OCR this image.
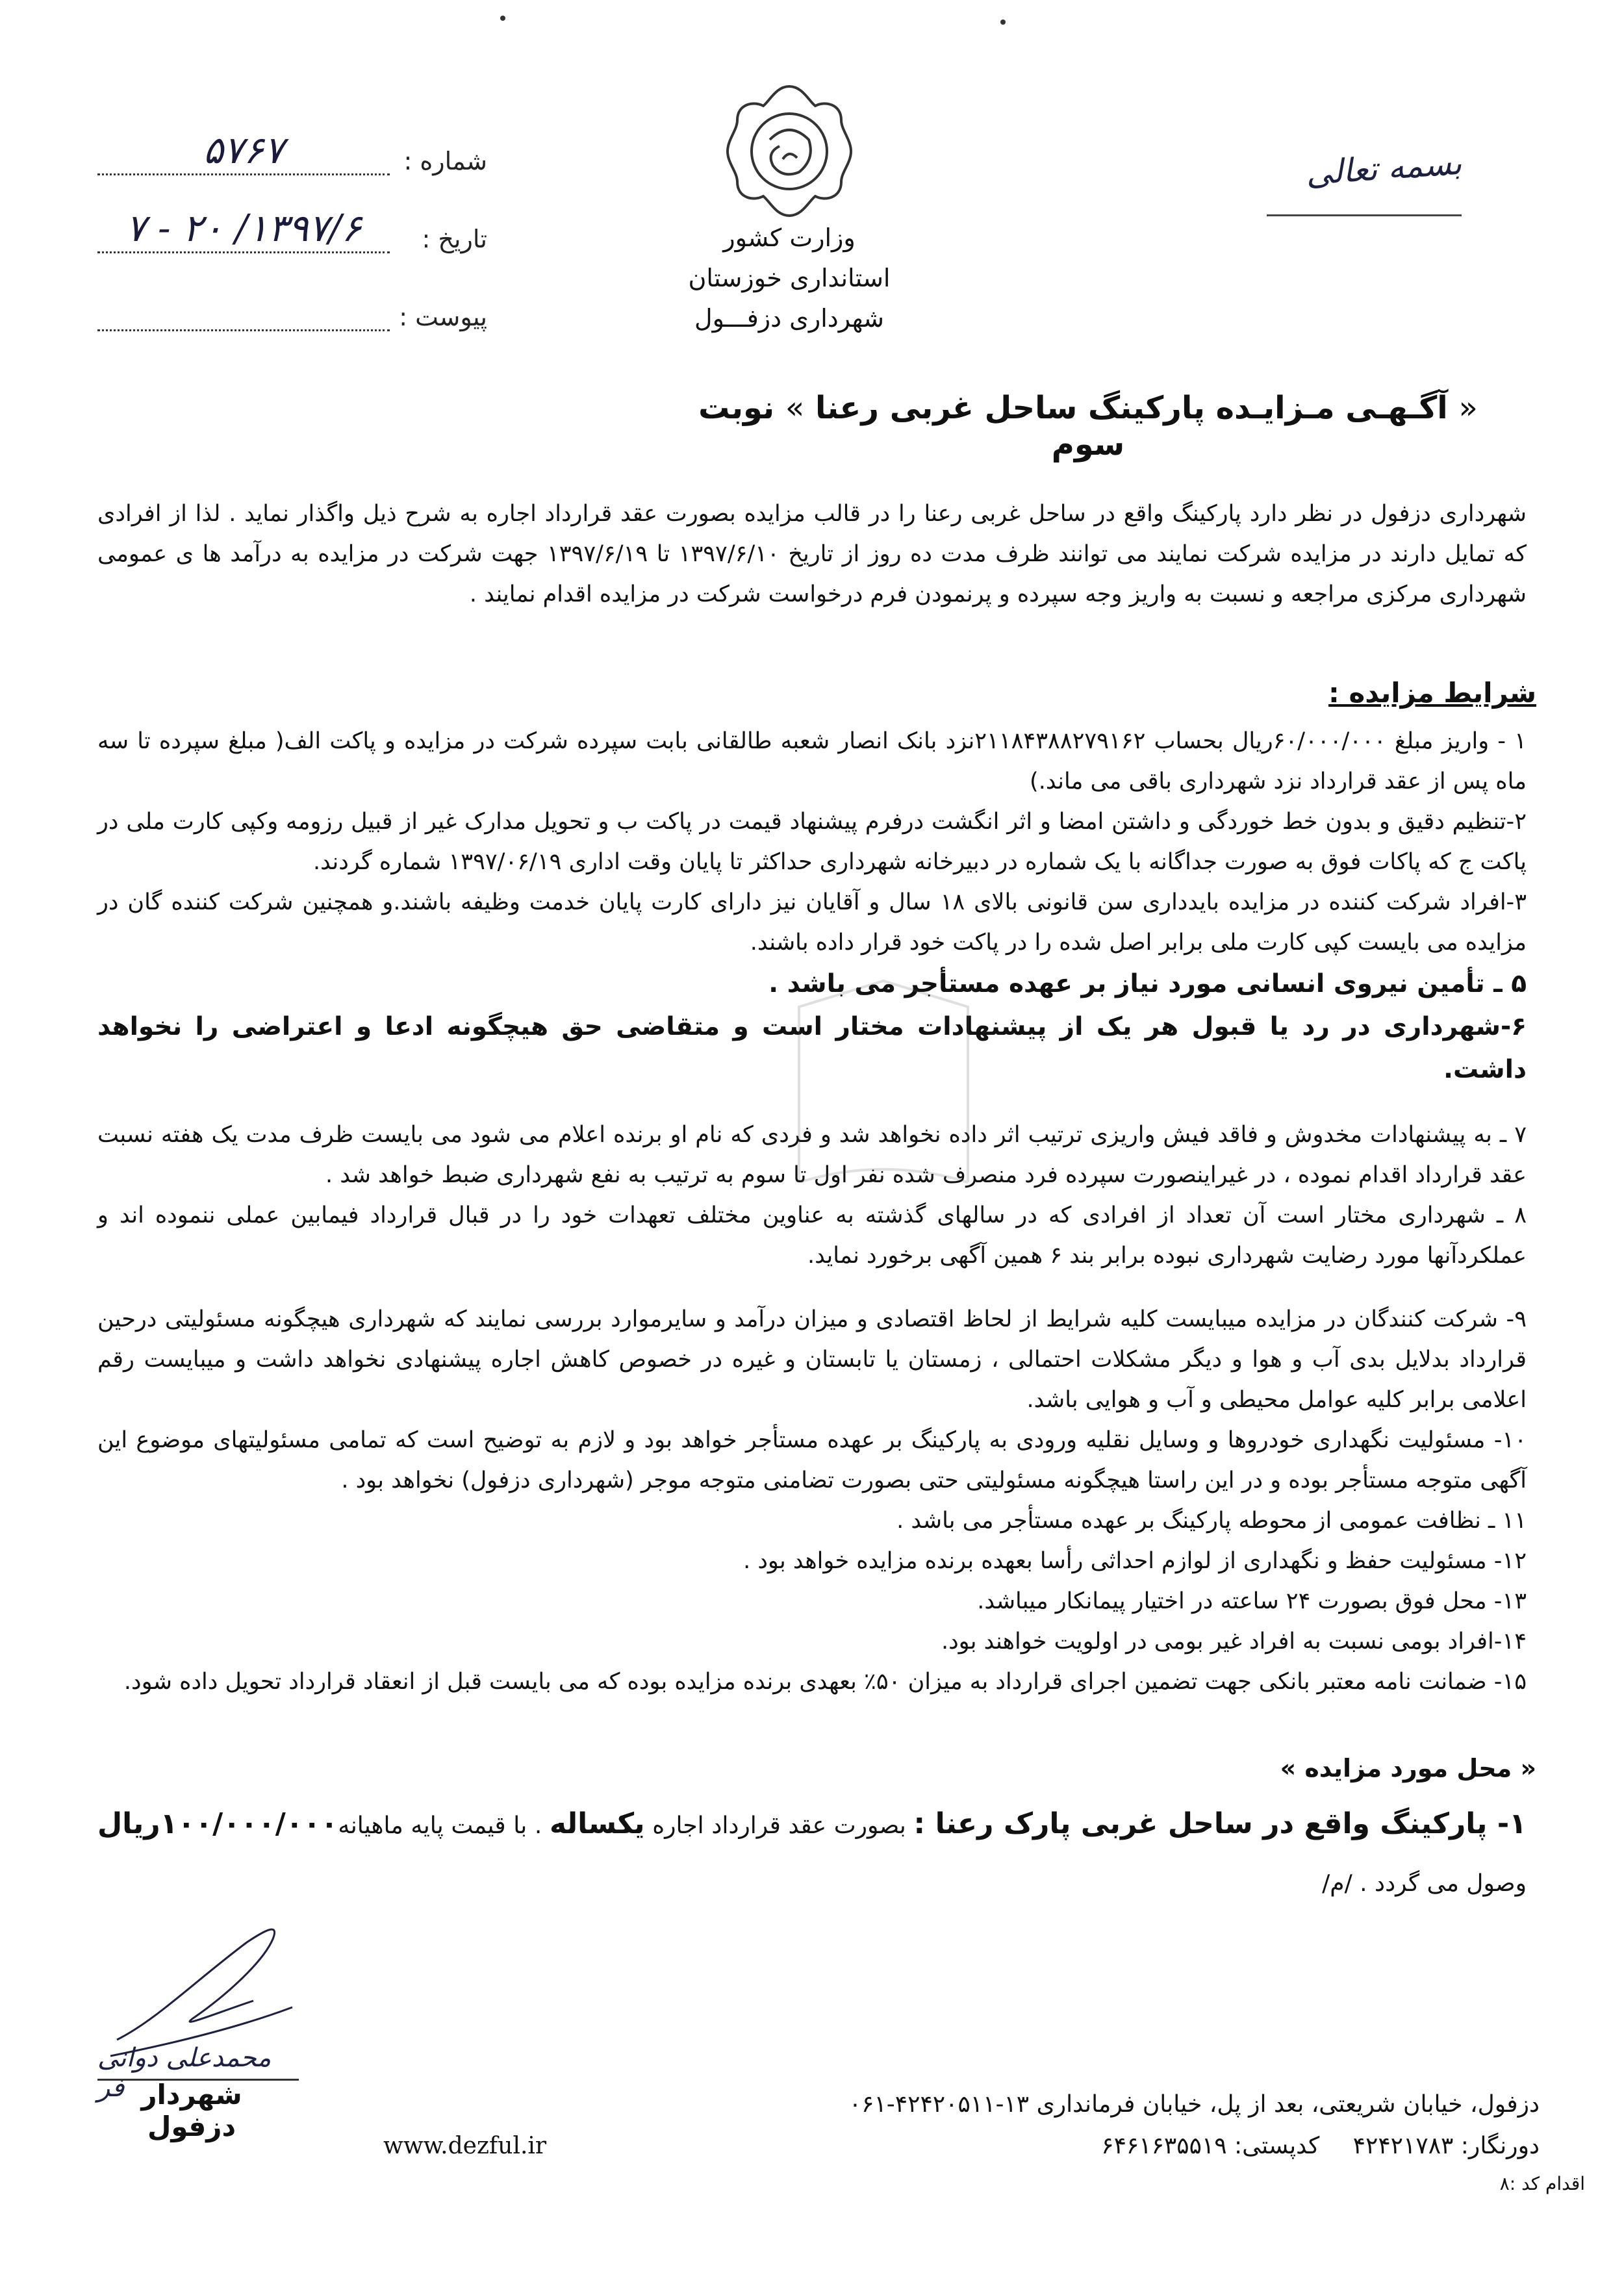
شماره :
۵۷۶۷
تاریخ :
۱۳۹۷/۶/ ۲۰ - ۷
پیوست :
وزارت کشور
استانداری خوزستان
شهرداری دزفـــول
بسمه تعالی
« آگـهـی مـزایـده پارکینگ ساحل غربی رعنا » نوبت سوم
شهرداری دزفول در نظر دارد پارکینگ واقع در ساحل غربی رعنا را در قالب مزایده بصورت عقد قرارداد اجاره به شرح ذیل واگذار نماید . لذا از افرادی که تمایل دارند در مزایده شرکت نمایند می توانند ظرف مدت ده روز از تاریخ ۱۳۹۷/۶/۱۰ تا ۱۳۹۷/۶/۱۹ جهت شرکت در مزایده به درآمد ها ی عمومی شهرداری مرکزی مراجعه و نسبت به واریز وجه سپرده و پرنمودن فرم درخواست شرکت در مزایده اقدام نمایند .
شرایط مزایده :

۱ - واریز مبلغ ۶۰/۰۰۰/۰۰۰ریال بحساب ۲۱۱۸۴۳۸۸۲۷۹۱۶۲نزد بانک انصار شعبه طالقانی بابت سپرده شرکت در مزایده و پاکت الف( مبلغ سپرده تا سه ماه پس از عقد قرارداد نزد شهرداری باقی می ماند.)

۲-تنظیم دقیق و بدون خط خوردگی و داشتن امضا و اثر انگشت درفرم پیشنهاد قیمت در پاکت ب و تحویل مدارک غیر از قبیل رزومه وکپی کارت ملی در پاکت ج که پاکات فوق به صورت جداگانه با یک شماره در دبیرخانه شهرداری حداکثر تا پایان وقت اداری ۱۳۹۷/۰۶/۱۹ شماره گردند.

۳-افراد شرکت کننده در مزایده بایدداری سن قانونی بالای ۱۸ سال و آقایان نیز دارای کارت پایان خدمت وظیفه باشند.و همچنین شرکت کننده گان در مزایده می بایست کپی کارت ملی برابر اصل شده را در پاکت خود قرار داده باشند.

۵ ـ تأمین نیروی انسانی مورد نیاز بر عهده مستأجر می باشد .

۶-شهرداری در رد یا قبول هر یک از پیشنهادات مختار است و متقاضی حق هیچگونه ادعا و اعتراضی را نخواهد داشت.

۷ ـ به پیشنهادات مخدوش و فاقد فیش واریزی ترتیب اثر داده نخواهد شد و فردی که نام او برنده اعلام می شود می بایست ظرف مدت یک هفته نسبت عقد قرارداد اقدام نموده ، در غیراینصورت سپرده فرد منصرف شده نفر اول تا سوم به ترتیب به نفع شهرداری ضبط خواهد شد .

۸ ـ شهرداری مختار است آن تعداد از افرادی که در سالهای گذشته به عناوین مختلف تعهدات خود را در قبال قرارداد فیمابین عملی ننموده اند و عملکردآنها مورد رضایت شهرداری نبوده برابر بند ۶ همین آگهی برخورد نماید.

۹- شرکت کنندگان در مزایده میبایست کلیه شرایط از لحاظ اقتصادی و میزان درآمد و سایرموارد بررسی نمایند که شهرداری هیچگونه مسئولیتی درحین قرارداد بدلایل بدی آب و هوا و دیگر مشکلات احتمالی ، زمستان یا تابستان و غیره در خصوص کاهش اجاره پیشنهادی نخواهد داشت و میبایست رقم اعلامی برابر کلیه عوامل محیطی و آب و هوایی باشد.

۱۰- مسئولیت نگهداری خودروها و وسایل نقلیه ورودی به پارکینگ بر عهده مستأجر خواهد بود و لازم به توضیح است که تمامی مسئولیتهای موضوع این آگهی متوجه مستأجر بوده و در این راستا هیچگونه مسئولیتی حتی بصورت تضامنی متوجه موجر (شهرداری دزفول) نخواهد بود .

۱۱ ـ نظافت عمومی از محوطه پارکینگ بر عهده مستأجر می باشد .

۱۲- مسئولیت حفظ و نگهداری از لوازم احداثی رأسا بعهده برنده مزایده خواهد بود .

۱۳- محل فوق بصورت ۲۴ ساعته در اختیار پیمانکار میباشد.

۱۴-افراد بومی نسبت به افراد غیر بومی در اولویت خواهند بود.

۱۵- ضمانت نامه معتبر بانکی جهت تضمین اجرای قرارداد به میزان ۵۰٪ بعهدی برنده مزایده بوده که می بایست قبل از انعقاد قرارداد تحویل داده شود.

« محل مورد مزایده »
۱- پارکینگ واقع در ساحل غربی پارک رعنا : بصورت عقد قرارداد اجاره یکساله . با قیمت پایه ماهیانه۱۰۰/۰۰۰/۰۰۰ریال وصول می گردد . /م/
محمدعلی دوانی فر شهردار دزفول
دزفول، خیابان شریعتی، بعد از پل، خیابان فرمانداری ۱۳-۴۲۴۲۰۵۱۱-۰۶۱
دورنگار: ۴۲۴۲۱۷۸۳ کدپستی: ۶۴۶۱۶۳۵۵۱۹
www.dezful.ir
اقدام کد :۸
